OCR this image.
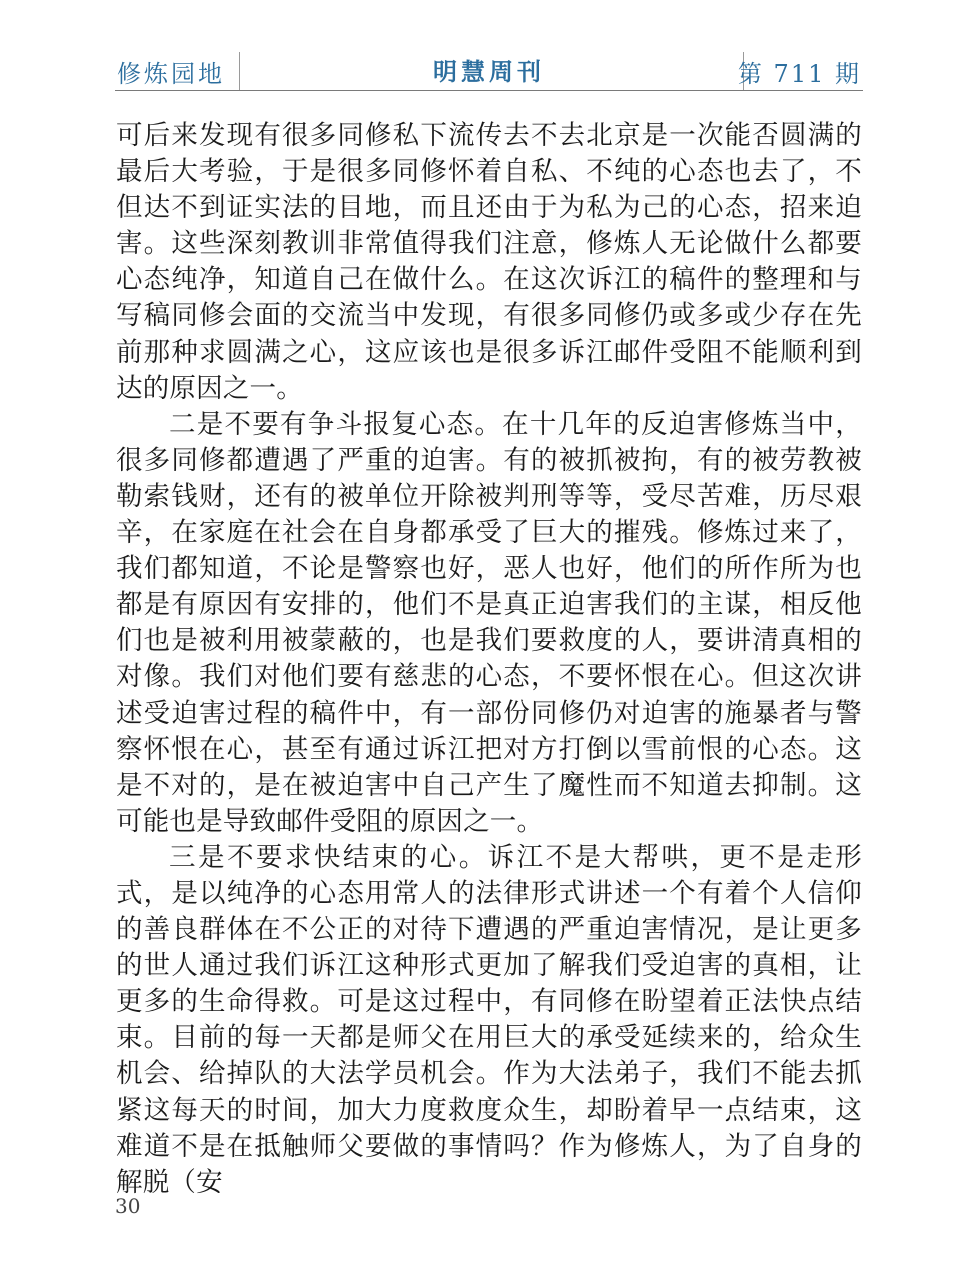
修炼园地	明慧周刊	第 711 期

可后来发现有很多同修私下流传去不去北京是一次能否圆满的最后大考验，于是很多同修怀着自私、不纯的心态也去了，不但达不到证实法的目地，而且还由于为私为己的心态，招来迫害。这些深刻教训非常值得我们注意，修炼人无论做什么都要心态纯净，知道自己在做什么。在这次诉江的稿件的整理和与写稿同修会面的交流当中发现，有很多同修仍或多或少存在先前那种求圆满之心，这应该也是很多诉江邮件受阻不能顺利到达的原因之一。

二是不要有争斗报复心态。在十几年的反迫害修炼当中，很多同修都遭遇了严重的迫害。有的被抓被拘，有的被劳教被勒索钱财，还有的被单位开除被判刑等等，受尽苦难，历尽艰辛，在家庭在社会在自身都承受了巨大的摧残。修炼过来了，我们都知道，不论是警察也好，恶人也好，他们的所作所为也都是有原因有安排的，他们不是真正迫害我们的主谋，相反他们也是被利用被蒙蔽的，也是我们要救度的人，要讲清真相的对像。我们对他们要有慈悲的心态，不要怀恨在心。但这次讲述受迫害过程的稿件中，有一部份同修仍对迫害的施暴者与警察怀恨在心，甚至有通过诉江把对方打倒以雪前恨的心态。这是不对的，是在被迫害中自己产生了魔性而不知道去抑制。这可能也是导致邮件受阻的原因之一。

三是不要求快结束的心。诉江不是大帮哄，更不是走形式，是以纯净的心态用常人的法律形式讲述一个有着个人信仰的善良群体在不公正的对待下遭遇的严重迫害情况，是让更多的世人通过我们诉江这种形式更加了解我们受迫害的真相，让更多的生命得救。可是这过程中，有同修在盼望着正法快点结束。目前的每一天都是师父在用巨大的承受延续来的，给众生机会、给掉队的大法学员机会。作为大法弟子，我们不能去抓紧这每天的时间，加大力度救度众生，却盼着早一点结束，这难道不是在抵触师父要做的事情吗？作为修炼人，为了自身的解脱（安

30
